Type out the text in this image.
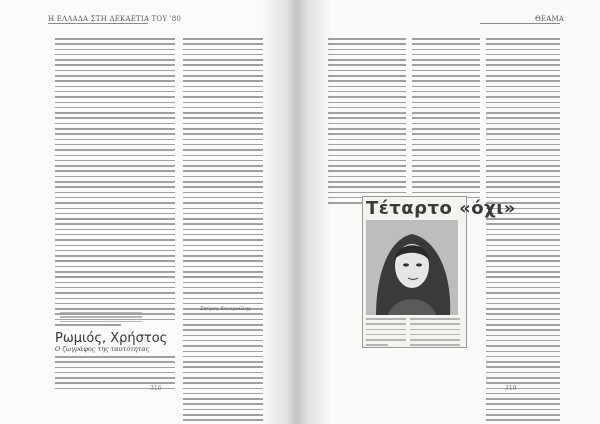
Η ΕΛΛΑΔΑ ΣΤΗ ΔΕΚΑΕΤΙΑ ΤΟΥ '80	ΘΕΑΜΑ
Σπύρος Κουτρούλης
Ρωμιός, Χρήστος
Ο ζωγράφος της ταυτότητας
316
Τέταρτο «όχι»
319
